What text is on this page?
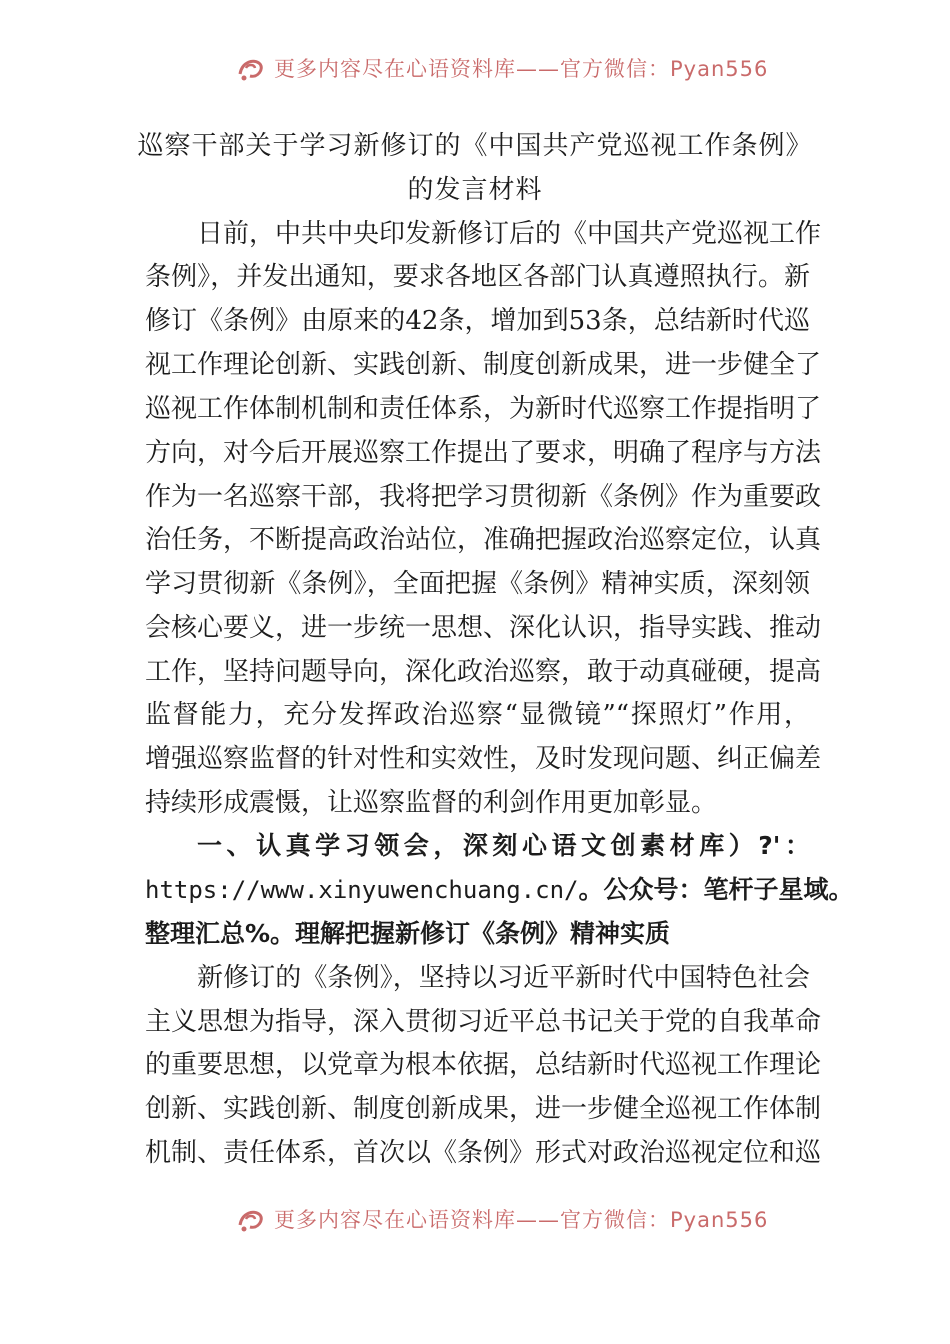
更多内容尽在心语资料库——官方微信：Pyan556
巡察干部关于学习新修订的《中国共产党巡视工作条例》
的发言材料
日前，中共中央印发新修订后的《中国共产党巡视工作
条例》，并发出通知，要求各地区各部门认真遵照执行。新
修订《条例》由原来的42条，增加到53条，总结新时代巡
视工作理论创新、实践创新、制度创新成果，进一步健全了
巡视工作体制机制和责任体系，为新时代巡察工作提指明了
方向，对今后开展巡察工作提出了要求，明确了程序与方法
作为一名巡察干部，我将把学习贯彻新《条例》作为重要政
治任务，不断提高政治站位，准确把握政治巡察定位，认真
学习贯彻新《条例》，全面把握《条例》精神实质，深刻领
会核心要义，进一步统一思想、深化认识，指导实践、推动
工作，坚持问题导向，深化政治巡察，敢于动真碰硬，提高
监督能力，充分发挥政治巡察“显微镜”“探照灯”作用，
增强巡察监督的针对性和实效性，及时发现问题、纠正偏差
持续形成震慑，让巡察监督的利剑作用更加彰显。
一、认真学习领会，深刻心语文创素材库）?'：
https://www.xinyuwenchuang.cn/。公众号：笔杆子星域。
整理汇总%。理解把握新修订《条例》精神实质
新修订的《条例》，坚持以习近平新时代中国特色社会
主义思想为指导，深入贯彻习近平总书记关于党的自我革命
的重要思想，以党章为根本依据，总结新时代巡视工作理论
创新、实践创新、制度创新成果，进一步健全巡视工作体制
机制、责任体系，首次以《条例》形式对政治巡视定位和巡
更多内容尽在心语资料库——官方微信：Pyan556
